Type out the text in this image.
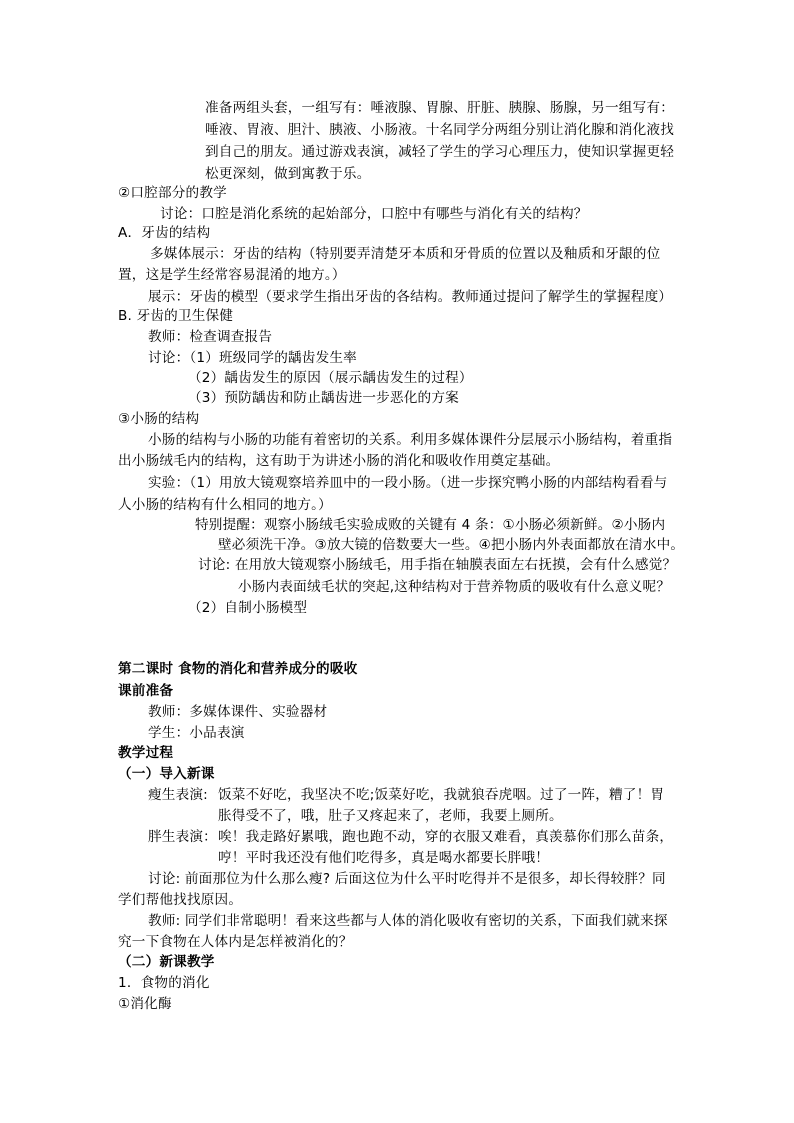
准备两组头套，一组写有：唾液腺、胃腺、肝脏、胰腺、肠腺，另一组写有：

唾液、胃液、胆汁、胰液、小肠液。十名同学分两组分别让消化腺和消化液找

到自己的朋友。通过游戏表演，减轻了学生的学习心理压力，使知识掌握更轻

松更深刻，做到寓教于乐。

②口腔部分的教学

讨论：口腔是消化系统的起始部分，口腔中有哪些与消化有关的结构？

A．牙齿的结构

多媒体展示：牙齿的结构（特别要弄清楚牙本质和牙骨质的位置以及釉质和牙龈的位

置，这是学生经常容易混淆的地方。）

展示：牙齿的模型（要求学生指出牙齿的各结构。教师通过提问了解学生的掌握程度）

B. 牙齿的卫生保健

教师：检查调查报告

讨论：（1）班级同学的龋齿发生率

（2）龋齿发生的原因（展示龋齿发生的过程）

（3）预防龋齿和防止龋齿进一步恶化的方案

③小肠的结构

小肠的结构与小肠的功能有着密切的关系。利用多媒体课件分层展示小肠结构，着重指

出小肠绒毛内的结构，这有助于为讲述小肠的消化和吸收作用奠定基础。

实验：（1）用放大镜观察培养皿中的一段小肠。（进一步探究鸭小肠的内部结构看看与

人小肠的结构有什么相同的地方。）

特别提醒：观察小肠绒毛实验成败的关键有 4 条：①小肠必须新鲜。②小肠内

壁必须洗干净。③放大镜的倍数要大一些。④把小肠内外表面都放在清水中。

讨论: 在用放大镜观察小肠绒毛，用手指在轴膜表面左右抚摸，会有什么感觉？

小肠内表面绒毛状的突起,这种结构对于营养物质的吸收有什么意义呢？

（2）自制小肠模型

第二课时 食物的消化和营养成分的吸收

课前准备

教师：多媒体课件、实验器材

学生：小品表演

教学过程

（一）导入新课

瘦生表演: 饭菜不好吃，我坚决不吃;饭菜好吃，我就狼吞虎咽。过了一阵，糟了！胃

胀得受不了，哦，肚子又疼起来了，老师，我要上厕所。

胖生表演： 唉！我走路好累哦，跑也跑不动，穿的衣服又难看，真羡慕你们那么苗条，

哼！平时我还没有他们吃得多，真是喝水都要长胖哦！

讨论: 前面那位为什么那么瘦? 后面这位为什么平时吃得并不是很多，却长得较胖？同

学们帮他找找原因。

教师: 同学们非常聪明！看来这些都与人体的消化吸收有密切的关系，下面我们就来探

究一下食物在人体内是怎样被消化的？

（二）新课教学

1．食物的消化

①消化酶
